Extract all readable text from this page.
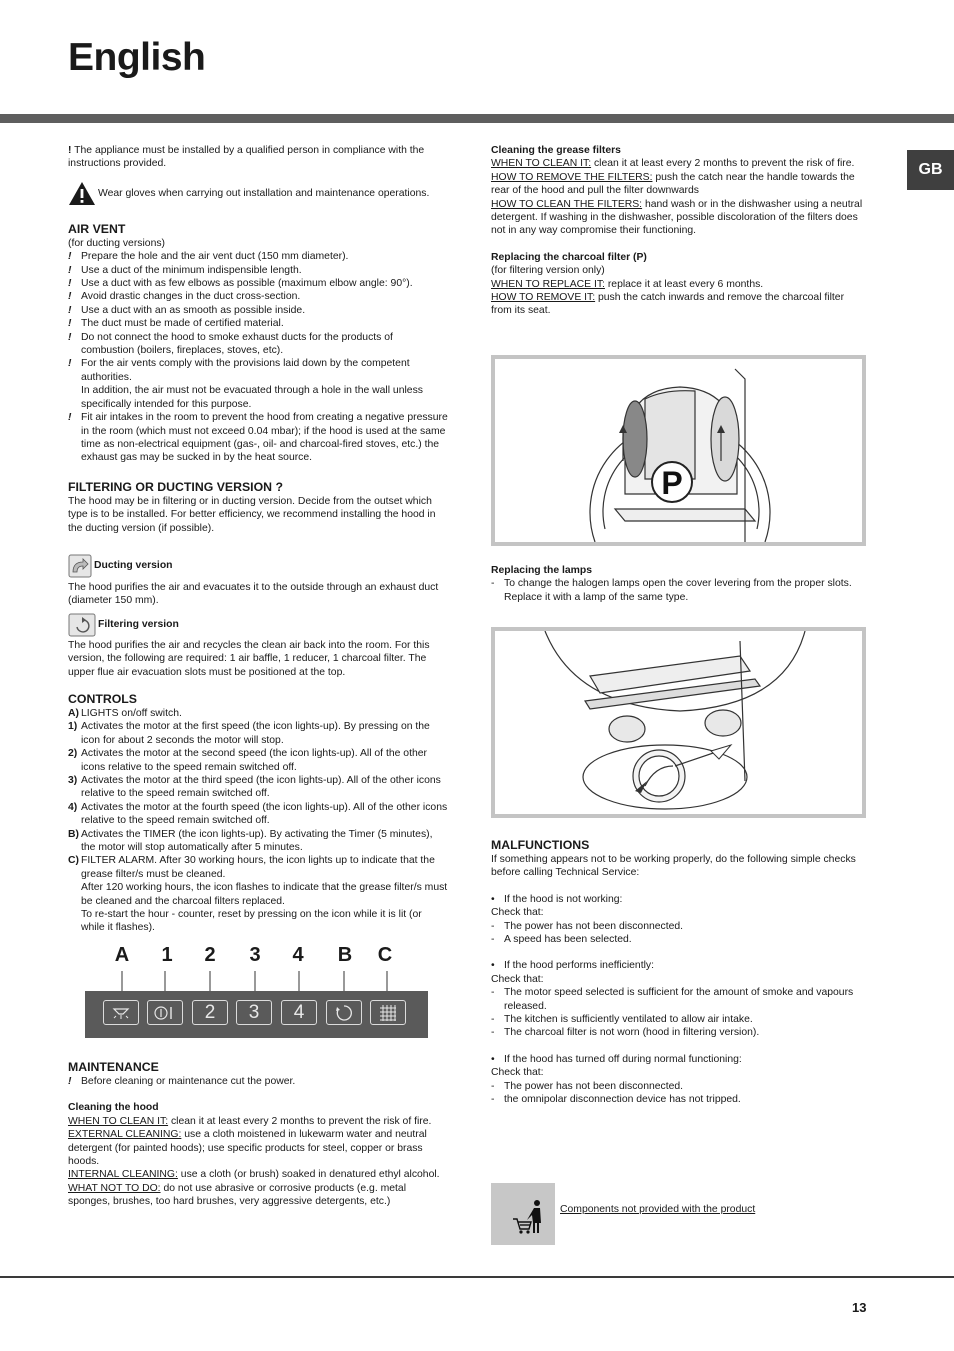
English
GB

! The appliance must be installed by a qualified person in compliance with the instructions provided.

Wear gloves when carrying out installation and maintenance operations.

AIR VENT

(for ducting versions)

! Prepare the hole and the air vent duct (150 mm diameter).
! Use a duct of the minimum indispensible length.
! Use a duct with as few elbows as possible (maximum elbow angle: 90°).
! Avoid drastic changes in the duct cross-section.
! Use a duct with an as smooth as possible inside.
! The duct must be made of certified material.
! Do not connect the hood to smoke exhaust ducts for the products of combustion (boilers, fireplaces, stoves, etc).
! For the air vents comply with the provisions laid down by the competent authorities.
In addition, the air must not be evacuated through a hole in the wall unless specifically intended for this purpose.
! Fit air intakes in the room to prevent the hood from creating a negative pressure in the room (which must not exceed 0.04 mbar); if the hood is used at the same time as non-electrical equipment (gas-, oil- and charcoal-fired stoves, etc.) the exhaust gas may be sucked in by the heat source.

FILTERING OR DUCTING VERSION ?

The hood may be in filtering or in ducting version. Decide from the outset which type is to be installed. For better efficiency, we recommend installing the hood in the ducting version (if possible).

Ducting version

The hood purifies the air and evacuates it to the outside through an exhaust duct (diameter 150 mm).

Filtering version

The hood purifies the air and recycles the clean air back into the room. For this version, the following are required: 1 air baffle, 1 reducer, 1 charcoal filter. The upper flue air evacuation slots must be positioned at the top.

CONTROLS

A) LIGHTS on/off switch.
1) Activates the motor at the first speed (the icon lights-up). By pressing on the icon for about 2 seconds the motor will stop.
2) Activates the motor at the second speed (the icon lights-up). All of the other icons relative to the speed remain switched off.
3) Activates the motor at the third speed (the icon lights-up). All of the other icons relative to the speed remain switched off.
4) Activates the motor at the fourth speed (the icon lights-up). All of the other icons relative to the speed remain switched off.
B) Activates the TIMER (the icon lights-up). By activating the Timer (5 minutes), the motor will stop automatically after 5 minutes.
C) FILTER ALARM. After 30 working hours, the icon lights up to indicate that the grease filter/s must be cleaned.
After 120 working hours, the icon flashes to indicate that the grease filter/s must be cleaned and the charcoal filters replaced.
To re-start the hour - counter, reset by pressing on the icon while it is lit (or while it flashes).
A 1 2 3 4 B C
2	3	4

MAINTENANCE

! Before cleaning or maintenance cut the power.

Cleaning the hood

WHEN TO CLEAN IT: clean it at least every 2 months to prevent the risk of fire.

EXTERNAL CLEANING: use a cloth moistened in lukewarm water and neutral detergent (for painted hoods); use specific products for steel, copper or brass hoods.

INTERNAL CLEANING: use a cloth (or brush) soaked in denatured ethyl alcohol.

WHAT NOT TO DO: do not use abrasive or corrosive products (e.g. metal sponges, brushes, too hard brushes, very aggressive detergents, etc.)

Cleaning the grease filters

WHEN TO CLEAN IT: clean it at least every 2 months to prevent the risk of fire.

HOW TO REMOVE THE FILTERS: push the catch near the handle towards the rear of the hood and pull the filter downwards

HOW TO CLEAN THE FILTERS: hand wash or in the dishwasher using a neutral detergent. If washing in the dishwasher, possible discoloration of the filters does not in any way compromise their functioning.

Replacing the charcoal filter (P)

(for filtering version only)

WHEN TO REPLACE IT: replace it at least every 6 months.

HOW TO REMOVE IT: push the catch inwards and remove the charcoal filter from its seat.

P

Replacing the lamps

- To change the halogen lamps open the cover levering from the proper slots. Replace it with a lamp of the same type.

MALFUNCTIONS

If something appears not to be working properly, do the following simple checks before calling Technical Service:

• If the hood is not working:

Check that:

- The power has not been disconnected.
- A speed has been selected.
• If the hood performs inefficiently:

Check that:

- The motor speed selected is sufficient for the amount of smoke and vapours released.
- The kitchen is sufficiently ventilated to allow air intake.
- The charcoal filter is not worn (hood in filtering version).
• If the hood has turned off during normal functioning:

Check that:

- The power has not been disconnected.
- the omnipolar disconnection device has not tripped.

Components not provided with the product

13
